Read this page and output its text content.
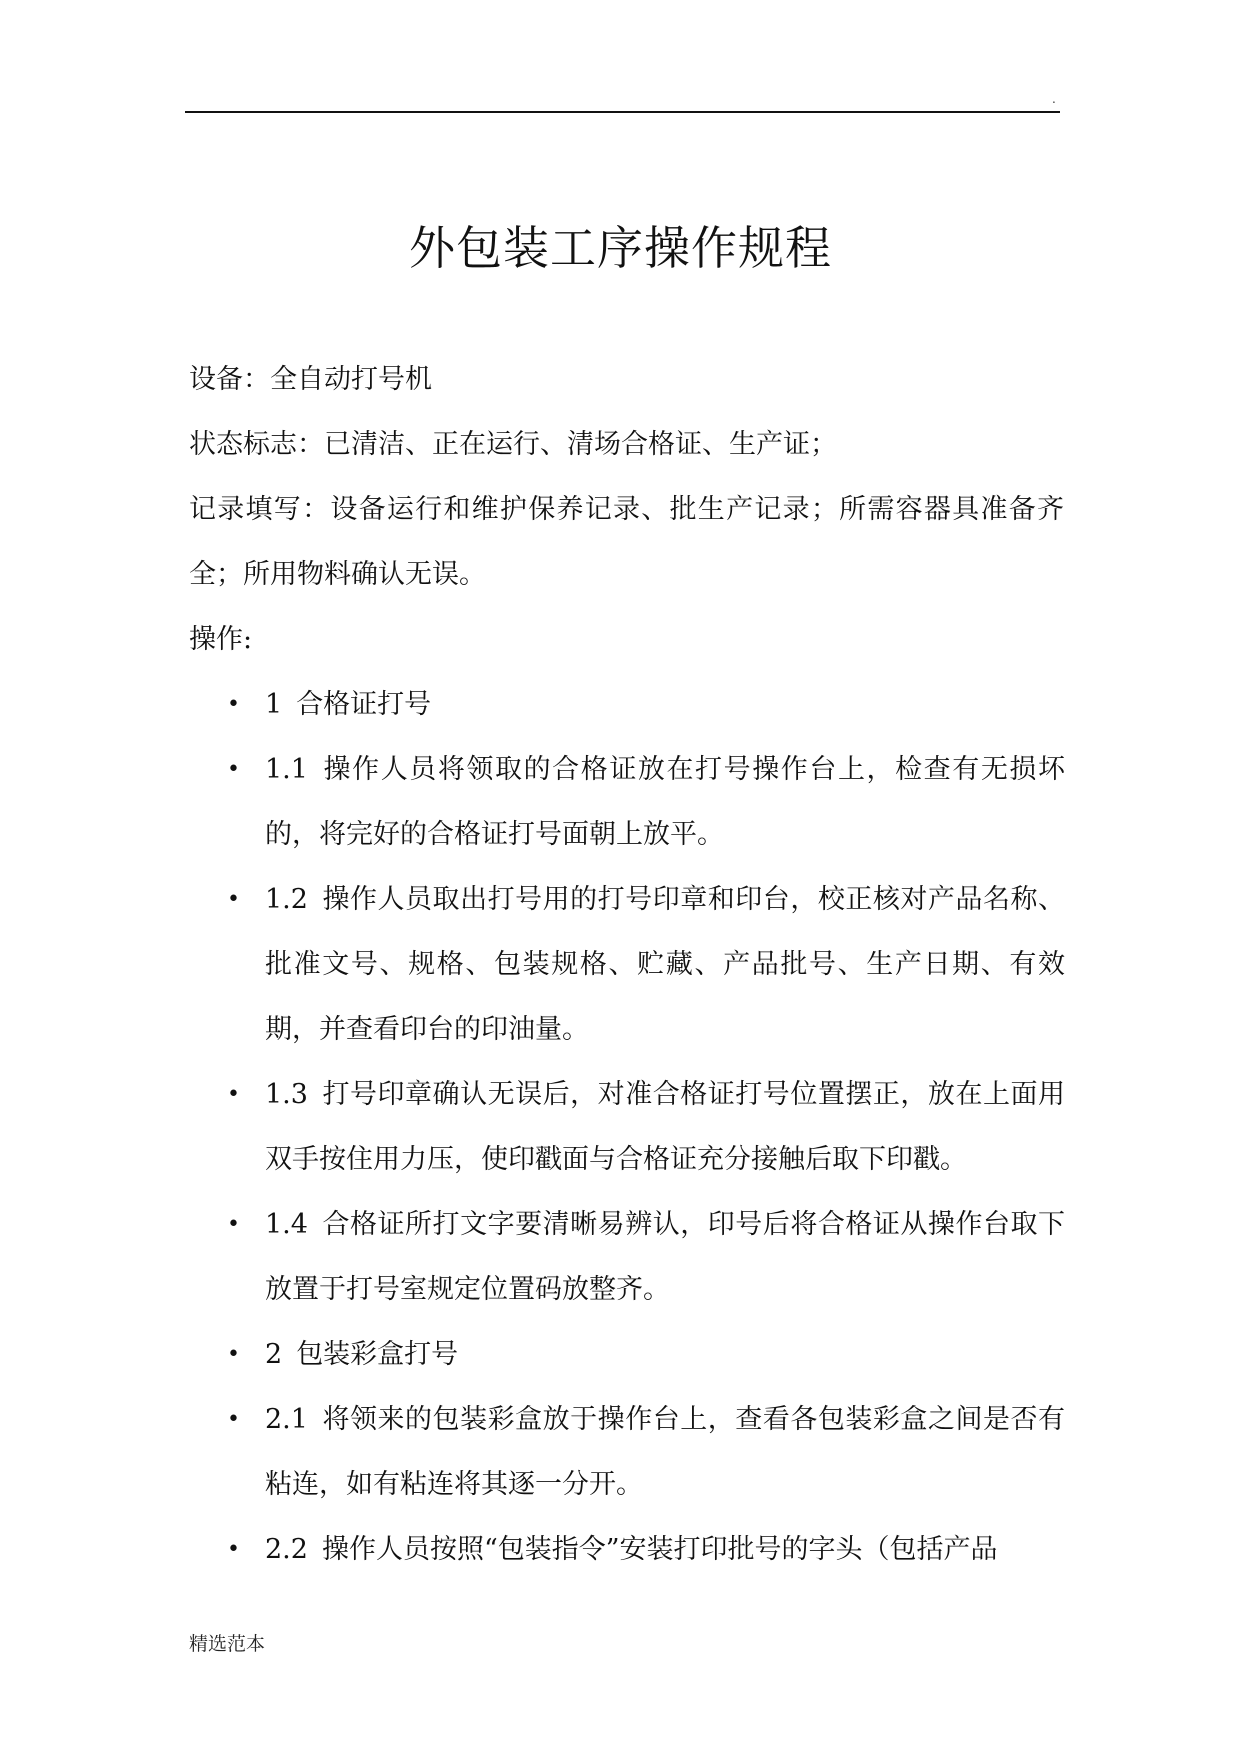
.
外包装工序操作规程

设备：全自动打号机

状态标志：已清洁、正在运行、清场合格证、生产证；

记录填写：设备运行和维护保养记录、批生产记录；所需容器具准备齐全；所用物料确认无误。

操作:

• 1 合格证打号
• 1.1 操作人员将领取的合格证放在打号操作台上，检查有无损坏的，将完好的合格证打号面朝上放平。
• 1.2 操作人员取出打号用的打号印章和印台，校正核对产品名称、批准文号、规格、包装规格、贮藏、产品批号、生产日期、有效期，并查看印台的印油量。
• 1.3 打号印章确认无误后，对准合格证打号位置摆正，放在上面用双手按住用力压，使印戳面与合格证充分接触后取下印戳。
• 1.4 合格证所打文字要清晰易辨认，印号后将合格证从操作台取下放置于打号室规定位置码放整齐。
• 2 包装彩盒打号
• 2.1 将领来的包装彩盒放于操作台上，查看各包装彩盒之间是否有粘连，如有粘连将其逐一分开。
• 2.2 操作人员按照“包装指令”安装打印批号的字头（包括产品
精选范本
